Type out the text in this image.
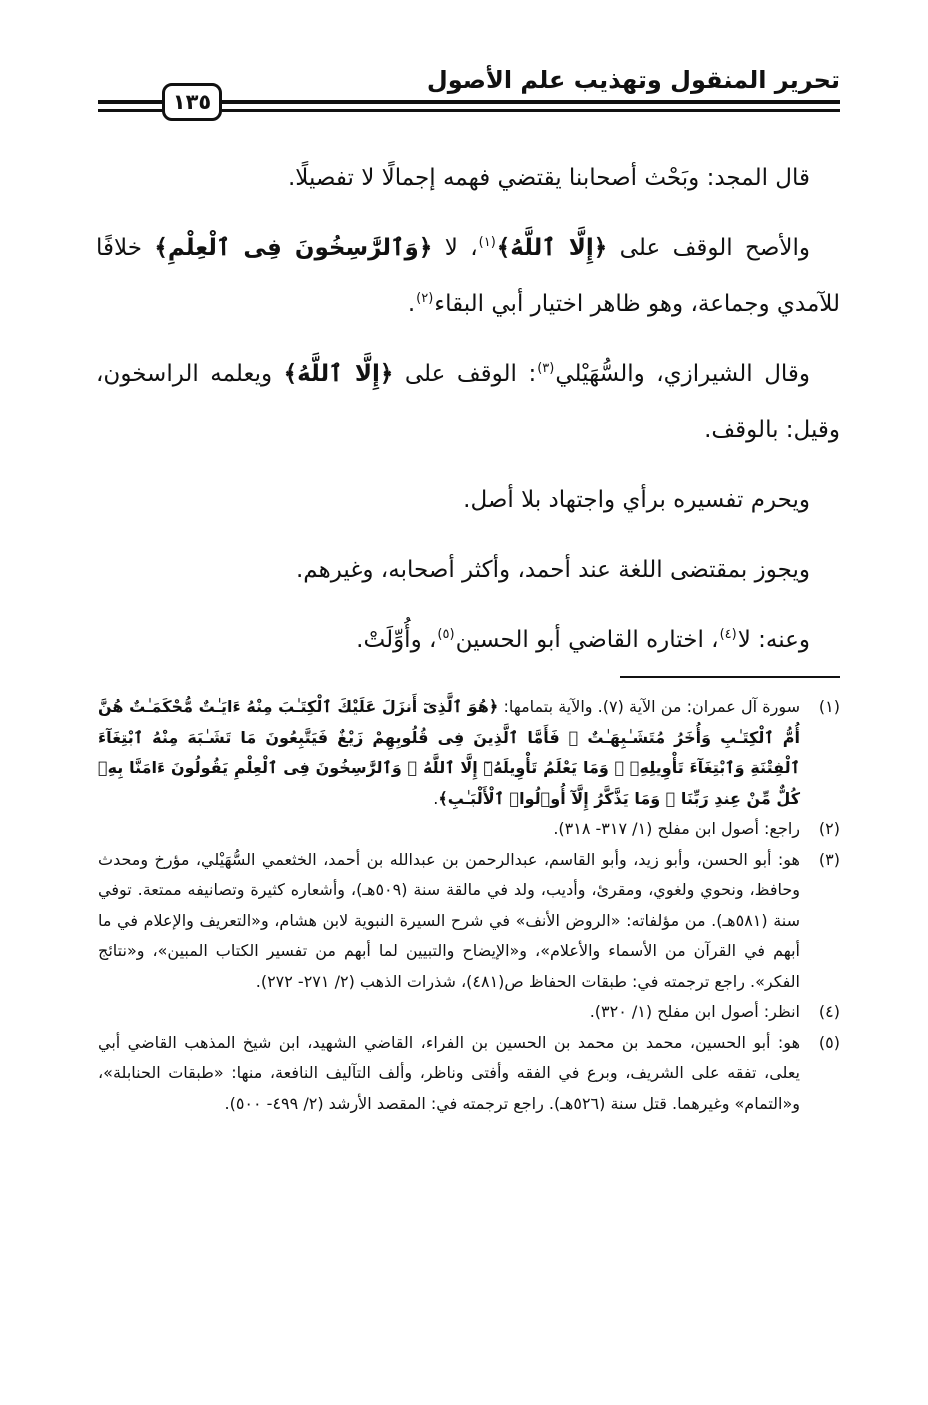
تحرير المنقول وتهذيب علم الأصول
١٣٥

قال المجد: وبَحْث أصحابنا يقتضي فهمه إجمالًا لا تفصيلًا.

والأصح الوقف على ﴿إِلَّا ٱللَّهُ﴾$^{(١)}$، لا ﴿وَٱلرَّٰسِخُونَ فِى ٱلْعِلْمِ﴾ خلافًا للآمدي وجماعة، وهو ظاهر اختيار أبي البقاء$^{(٢)}$.

وقال الشيرازي، والسُّهَيْلي$^{(٣)}$: الوقف على ﴿إِلَّا ٱللَّهُ﴾ ويعلمه الراسخون، وقيل: بالوقف.

ويحرم تفسيره برأي واجتهاد بلا أصل.

ويجوز بمقتضى اللغة عند أحمد، وأكثر أصحابه، وغيرهم.

وعنه: لا$^{(٤)}$، اختاره القاضي أبو الحسين$^{(٥)}$، وأُوِّلَتْ.

(١)
سورة آل عمران: من الآية (٧). والآية بتمامها: ﴿هُوَ ٱلَّذِىٓ أَنزَلَ عَلَيْكَ ٱلْكِتَـٰبَ مِنْهُ ءَايَـٰتٌ مُّحْكَمَـٰتٌ هُنَّ أُمُّ ٱلْكِتَـٰبِ وَأُخَرُ مُتَشَـٰبِهَـٰتٌ ۖ فَأَمَّا ٱلَّذِينَ فِى قُلُوبِهِمْ زَيْغٌ فَيَتَّبِعُونَ مَا تَشَـٰبَهَ مِنْهُ ٱبْتِغَآءَ ٱلْفِتْنَةِ وَٱبْتِغَآءَ تَأْوِيلِهِۦ ۗ وَمَا يَعْلَمُ تَأْوِيلَهُۥٓ إِلَّا ٱللَّهُ ۗ وَٱلرَّٰسِخُونَ فِى ٱلْعِلْمِ يَقُولُونَ ءَامَنَّا بِهِۦ كُلٌّ مِّنْ عِندِ رَبِّنَا ۗ وَمَا يَذَّكَّرُ إِلَّآ أُو۟لُوا۟ ٱلْأَلْبَـٰبِ﴾.
(٢)
راجع: أصول ابن مفلح (١/ ٣١٧- ٣١٨).
(٣)
هو: أبو الحسن، وأبو زيد، وأبو القاسم، عبدالرحمن بن عبدالله بن أحمد، الخثعمي السُّهَيْلي، مؤرخ ومحدث وحافظ، ونحوي ولغوي، ومقرئ، وأديب، ولد في مالقة سنة (٥٠٩هـ)، وأشعاره كثيرة وتصانيفه ممتعة. توفي سنة (٥٨١هـ). من مؤلفاته: «الروض الأنف» في شرح السيرة النبوية لابن هشام، و«التعريف والإعلام في ما أبهم في القرآن من الأسماء والأعلام»، و«الإيضاح والتبيين لما أبهم من تفسير الكتاب المبين»، و«نتائج الفكر». راجع ترجمته في: طبقات الحفاظ ص(٤٨١)، شذرات الذهب (٢/ ٢٧١- ٢٧٢).
(٤)
انظر: أصول ابن مفلح (١/ ٣٢٠).
(٥)
هو: أبو الحسين، محمد بن محمد بن الحسين بن الفراء، القاضي الشهيد، ابن شيخ المذهب القاضي أبي يعلى، تفقه على الشريف، وبرع في الفقه وأفتى وناظر، وألف التآليف النافعة، منها: «طبقات الحنابلة»، و«التمام» وغيرهما. قتل سنة (٥٢٦هـ). راجع ترجمته في: المقصد الأرشد (٢/ ٤٩٩- ٥٠٠).
